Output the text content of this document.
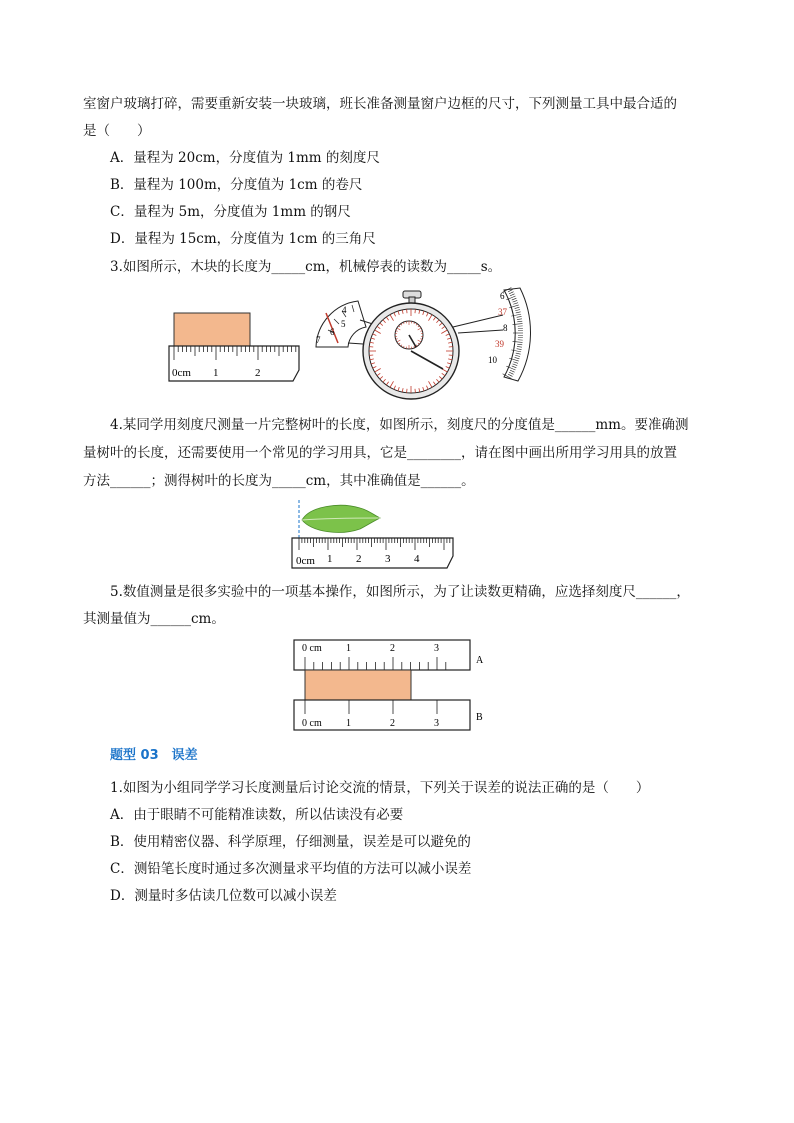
室窗户玻璃打碎，需要重新安装一块玻璃，班长准备测量窗户边框的尺寸，下列测量工具中最合适的
是（　　）
A．量程为 20cm，分度值为 1mm 的刻度尺
B．量程为 100m，分度值为 1cm 的卷尺
C．量程为 5m，分度值为 1mm 的钢尺
D．量程为 15cm，分度值为 1cm 的三角尺
3.如图所示，木块的长度为_____cm，机械停表的读数为_____s。
0cm 1	2
4
5
6
7
6
37
8
39
10
4.某同学用刻度尺测量一片完整树叶的长度，如图所示，刻度尺的分度值是______mm。要准确测
量树叶的长度，还需要使用一个常见的学习用具，它是________，请在图中画出所用学习用具的放置
方法______；测得树叶的长度为_____cm，其中准确值是______。
0cm 1 2 3 4
5.数值测量是很多实验中的一项基本操作，如图所示，为了让读数更精确，应选择刻度尺______，
其测量值为______cm。
0 cm 1	2	3
A
0 cm 1	2	3
B
题型 03　误差
1.如图为小组同学学习长度测量后讨论交流的情景，下列关于误差的说法正确的是（　　）
A．由于眼睛不可能精准读数，所以估读没有必要
B．使用精密仪器、科学原理，仔细测量，误差是可以避免的
C．测铅笔长度时通过多次测量求平均值的方法可以减小误差
D．测量时多估读几位数可以减小误差
